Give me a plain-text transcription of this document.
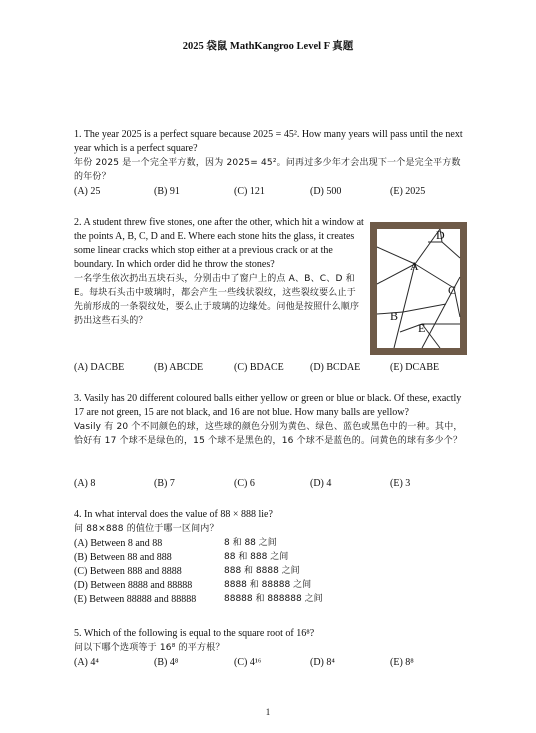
2025 袋鼠 MathKangroo Level F 真题
1. The year 2025 is a perfect square because 2025 = 45². How many years will pass until the next year which is a perfect square?
年份 2025 是一个完全平方数，因为 2025= 45²。问再过多少年才会出现下一个是完全平方数的年份？
(A) 25	(B) 91	(C) 121	(D) 500	(E) 2025
2. A student threw five stones, one after the other, which hit a window at the points A, B, C, D and E. Where each stone hits the glass, it creates some linear cracks which stop either at a previous crack or at the boundary. In which order did he throw the stones?
一名学生依次扔出五块石头，分别击中了窗户上的点 A、B、C、D 和 E。每块石头击中玻璃时，都会产生一些线状裂纹，这些裂纹要么止于先前形成的一条裂纹处，要么止于玻璃的边缘处。问他是按照什么顺序扔出这些石头的？
D
A
C
B
E
(A) DACBE	(B) ABCDE	(C) BDACE	(D) BCDAE	(E) DCABE
3. Vasily has 20 different coloured balls either yellow or green or blue or black. Of these, exactly 17 are not green, 15 are not black, and 16 are not blue. How many balls are yellow?
Vasily 有 20 个不同颜色的球，这些球的颜色分别为黄色、绿色、蓝色或黑色中的一种。其中，恰好有 17 个球不是绿色的，15 个球不是黑色的，16 个球不是蓝色的。问黄色的球有多少个？
(A) 8	(B) 7	(C) 6	(D) 4	(E) 3
4. In what interval does the value of 88 × 888 lie?
问 88×888 的值位于哪一区间内？
(A) Between 8 and 88	8 和 88 之间
(B) Between 88 and 888	88 和 888 之间
(C) Between 888 and 8888	888 和 8888 之间
(D) Between 8888 and 88888	8888 和 88888 之间
(E) Between 88888 and 88888	88888 和 888888 之间
5. Which of the following is equal to the square root of 16⁸?
问以下哪个选项等于 16⁸ 的平方根？
(A) 4⁴	(B) 4⁸	(C) 4¹⁶	(D) 8⁴	(E) 8⁸
1
